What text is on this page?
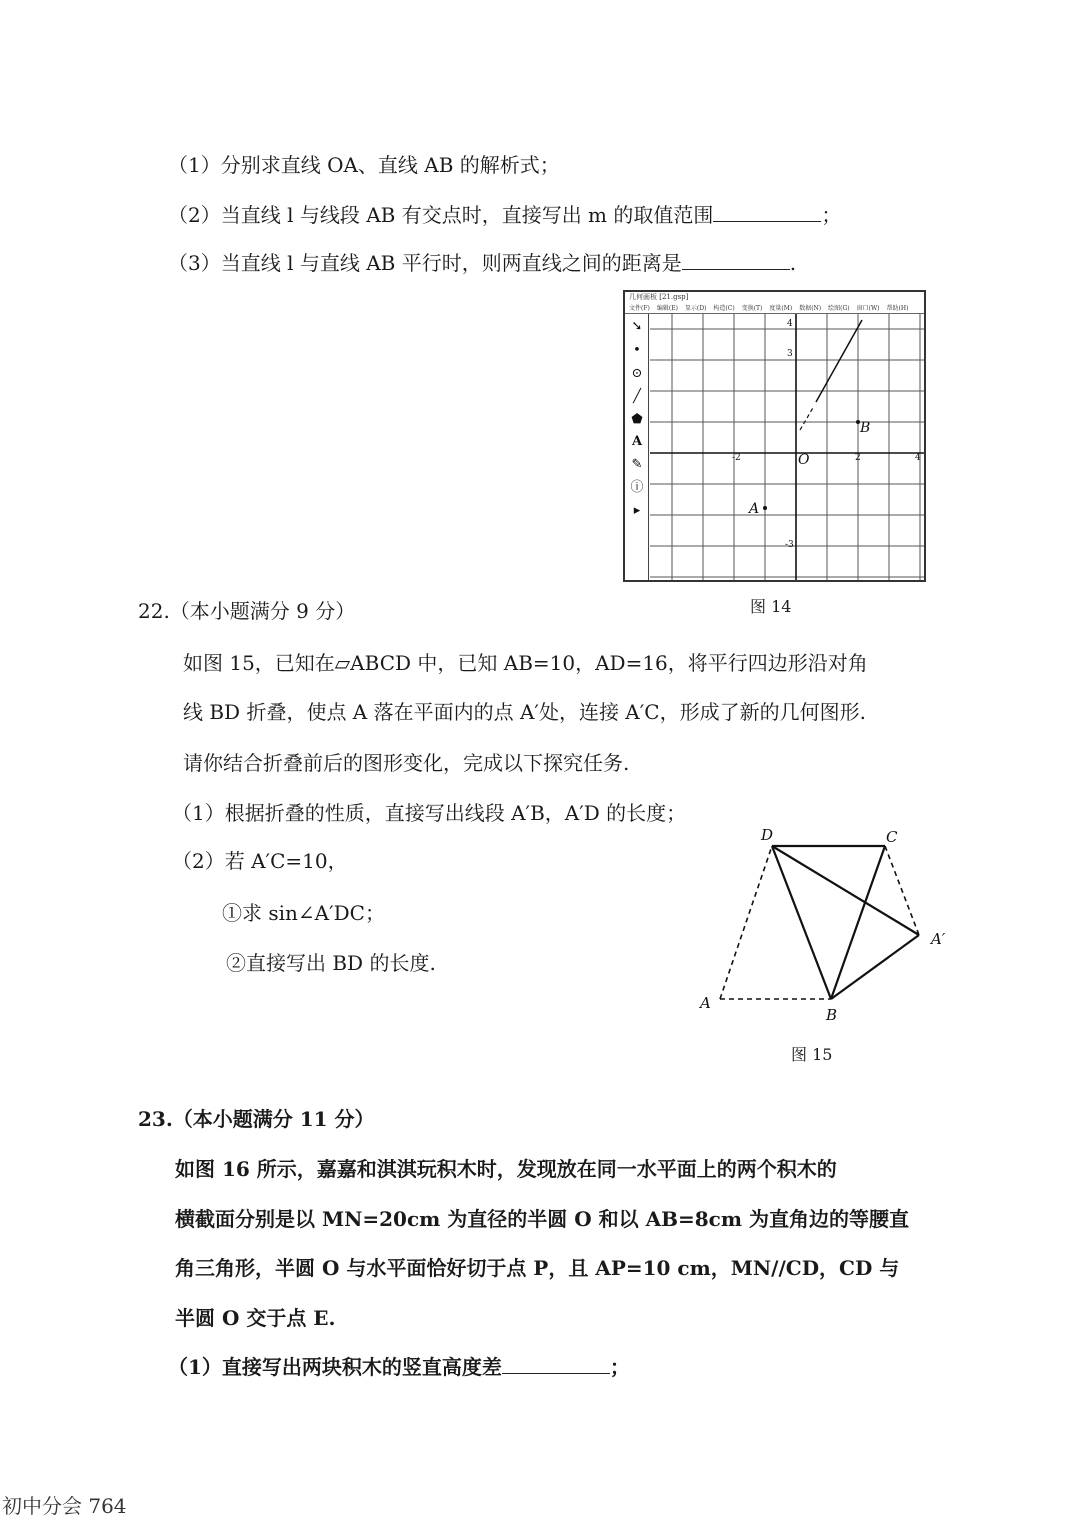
（1）分别求直线 OA、直线 AB 的解析式；
（2）当直线 l 与线段 AB 有交点时，直接写出 m 的取值范围	；
（3）当直线 l 与直线 AB 平行时，则两直线之间的距离是	.
几何画板 [21.gsp]
文件(F) 编辑(E) 显示(D) 构造(C) 变换(T) 度量(M) 数据(N) 绘图(G) 窗口(W) 帮助(H)
➘
•
⊙
╱
⬟
A
✎
ⓘ
▸
-2	2	4
4
3
-3
O
B
A
图 14
22.（本小题满分 9 分）
如图 15，已知在▱ABCD 中，已知 AB=10，AD=16，将平行四边形沿对角
线 BD 折叠，使点 A 落在平面内的点 A′处，连接 A′C，形成了新的几何图形.
请你结合折叠前后的图形变化，完成以下探究任务.
（1）根据折叠的性质，直接写出线段 A′B，A′D 的长度；
（2）若 A′C=10，
①求 sin∠A′DC；
②直接写出 BD 的长度.
D	C
A′
A
B
图 15
23.（本小题满分 11 分）
如图 16 所示，嘉嘉和淇淇玩积木时，发现放在同一水平面上的两个积木的
横截面分别是以 MN=20cm 为直径的半圆 O 和以 AB=8cm 为直角边的等腰直
角三角形，半圆 O 与水平面恰好切于点 P，且 AP=10 cm，MN//CD，CD 与
半圆 O 交于点 E.
（1）直接写出两块积木的竖直高度差	；
初中分会 764
